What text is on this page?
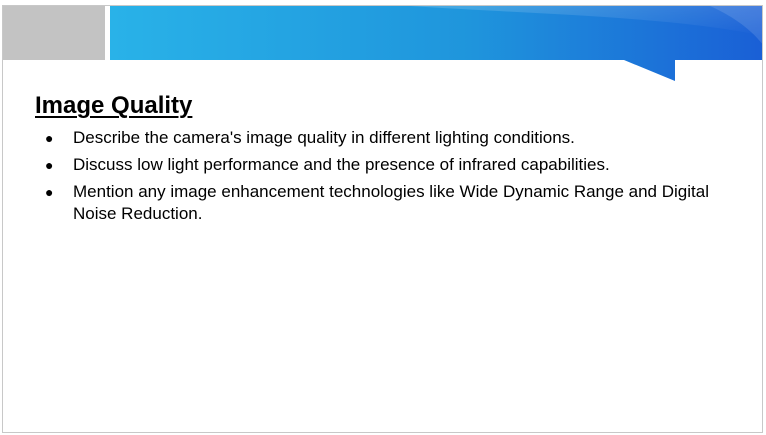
Image Quality
● Describe the camera's image quality in different lighting conditions.
● Discuss low light performance and the presence of infrared capabilities.
● Mention any image enhancement technologies like Wide Dynamic Range and Digital Noise Reduction.
